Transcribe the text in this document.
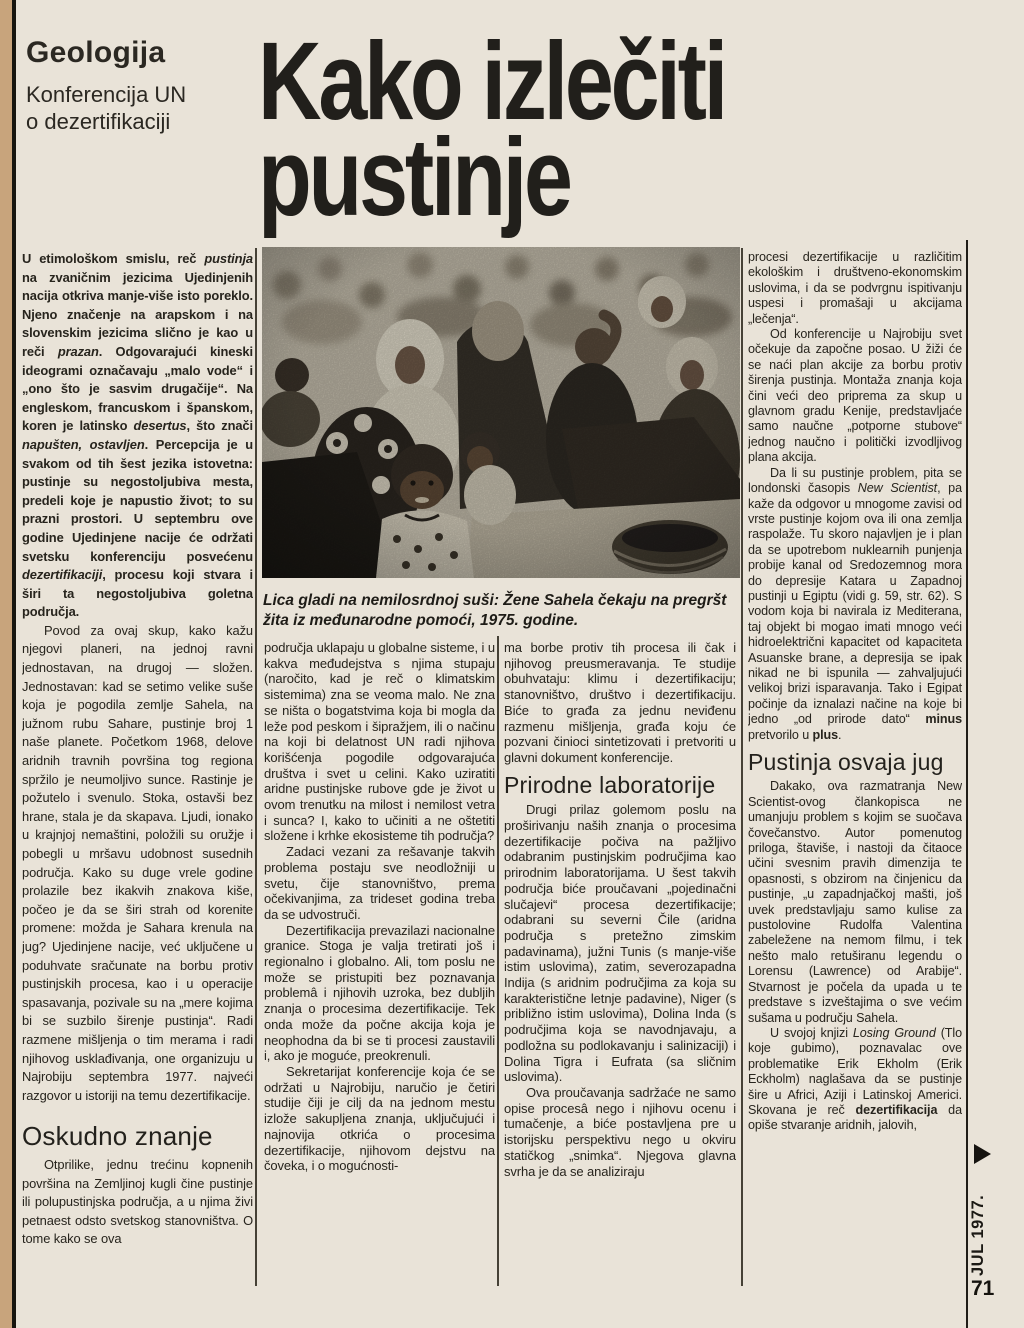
Geologija
Konferencija UN
o dezertifikaciji Kako izlečiti
pustinje
Lica gladi na nemilosrdnoj suši: Žene Sahela čekaju na pregršt žita iz međunarodne pomoći, 1975. godine.

U etimološkom smislu, reč pustinja na zvaničnim jezicima Ujedinjenih nacija otkriva manje-više isto poreklo. Njeno značenje na arapskom i na slovenskim jezicima slično je kao u reči prazan. Odgovarajući kineski ideogrami označavaju „malo vode“ i „ono što je sasvim drugačije“. Na engleskom, francuskom i španskom, koren je latinsko desertus, što znači napušten, ostavljen. Percepcija je u svakom od tih šest jezika istovetna: pustinje su negostoljubiva mesta, predeli koje je napustio život; to su prazni prostori. U septembru ove godine Ujedinjene nacije će održati svetsku konferenciju posvećenu dezertifikaciji, procesu koji stvara i širi ta negostoljubiva goletna područja.

Povod za ovaj skup, kako kažu njegovi planeri, na jednoj ravni jednostavan, na drugoj — složen. Jednostavan: kad se setimo velike suše koja je pogodila zemlje Sahela, na južnom rubu Sahare, pustinje broj 1 naše planete. Početkom 1968, delove aridnih travnih površina tog regiona spržilo je neumoljivo sunce. Rastinje je požutelo i svenulo. Stoka, ostavši bez hrane, stala je da skapava. Ljudi, ionako u krajnjoj nemaštini, položili su oružje i pobegli u mršavu udobnost susednih područja. Kako su duge vrele godine prolazile bez ikakvih znakova kiše, počeo je da se širi strah od korenite promene: možda je Sahara krenula na jug? Ujedinjene nacije, već uključene u poduhvate sračunate na borbu protiv pustinjskih procesa, kao i u operacije spasavanja, pozivale su na „mere kojima bi se suzbilo širenje pustinja“. Radi razmene mišljenja o tim merama i radi njihovog usklađivanja, one organizuju u Najrobiju septembra 1977. najveći razgovor u istoriji na temu dezertifikacije.

Oskudno znanje

Otprilike, jednu trećinu kopnenih površina na Zemljinoj kugli čine pustinje ili polupustinjska područja, a u njima živi petnaest odsto svetskog stanovništva. O tome kako se ova

područja uklapaju u globalne sisteme, i u kakva međudejstva s njima stupaju (naročito, kad je reč o klimatskim sistemima) zna se veoma malo. Ne zna se ništa o bogatstvima koja bi mogla da leže pod peskom i šipražjem, ili o načinu na koji bi delatnost UN radi njihova korišćenja pogodile odgovarajuća društva i svet u celini. Kako uziratiti aridne pustinjske rubove gde je život u ovom trenutku na milost i nemilost vetra i sunca? I, kako to učiniti a ne oštetiti složene i krhke ekosisteme tih područja?

Zadaci vezani za rešavanje takvih problema postaju sve neodložniji u svetu, čije stanovništvo, prema očekivanjima, za trideset godina treba da se udvostruči.

Dezertifikacija prevazilazi nacionalne granice. Stoga je valja tretirati još i regionalno i globalno. Ali, tom poslu ne može se pristupiti bez poznavanja problemâ i njihovih uzroka, bez dubljih znanja o procesima dezertifikacije. Tek onda može da počne akcija koja je neophodna da bi se ti procesi zaustavili i, ako je moguće, preokrenuli.

Sekretarijat konferencije koja će se održati u Najrobiju, naručio je četiri studije čiji je cilj da na jednom mestu izlože sakupljena znanja, uključujući i najnovija otkrića o procesima dezertifikacije, njihovom dejstvu na čoveka, i o mogućnosti-

ma borbe protiv tih procesa ili čak i njihovog preusmeravanja. Te studije obuhvataju: klimu i dezertifikaciju; stanovništvo, društvo i dezertifikaciju. Biće to građa za jednu neviđenu razmenu mišljenja, građa koju će pozvani činioci sintetizovati i pretvoriti u glavni dokument konferencije.

Prirodne laboratorije

Drugi prilaz golemom poslu na proširivanju naših znanja o procesima dezertifikacije počiva na pažljivo odabranim pustinjskim područjima kao prirodnim laboratorijama. U šest takvih područja biće proučavani „pojedinačni slučajevi“ procesa dezertifikacije; odabrani su severni Čile (aridna područja s pretežno zimskim padavinama), južni Tunis (s manje-više istim uslovima), zatim, severozapadna Indija (s aridnim područjima za koja su karakteristične letnje padavine), Niger (s približno istim uslovima), Dolina Inda (s područjima koja se navodnjavaju, a podložna su podlokavanju i salinizaciji) i Dolina Tigra i Eufrata (sa sličnim uslovima).

Ova proučavanja sadržaće ne samo opise procesâ nego i njihovu ocenu i tumačenje, a biće postavljena pre u istorijsku perspektivu nego u okviru statičkog „snimka“. Njegova glavna svrha je da se analiziraju

procesi dezertifikacije u različitim ekološkim i društveno-ekonomskim uslovima, i da se podvrgnu ispitivanju uspesi i promašaji u akcijama „lečenja“.

Od konferencije u Najrobiju svet očekuje da započne posao. U žiži će se naći plan akcije za borbu protiv širenja pustinja. Montaža znanja koja čini veći deo priprema za skup u glavnom gradu Kenije, predstavljaće samo naučne „potporne stubove“ jednog naučno i politički izvodljivog plana akcija.

Da li su pustinje problem, pita se londonski časopis New Scientist, pa kaže da odgovor u mnogome zavisi od vrste pustinje kojom ova ili ona zemlja raspolaže. Tu skoro najavljen je i plan da se upotrebom nuklearnih punjenja probije kanal od Sredozemnog mora do depresije Katara u Zapadnoj pustinji u Egiptu (vidi g. 59, str. 62). S vodom koja bi navirala iz Mediterana, taj objekt bi mogao imati mnogo veći hidroelektrični kapacitet od kapaciteta Asuanske brane, a depresija se ipak nikad ne bi ispunila — zahvaljujući velikoj brizi isparavanja. Tako i Egipat počinje da iznalazi načine na koje bi jedno „od prirode dato“ minus pretvorilo u plus.

Pustinja osvaja jug

Dakako, ova razmatranja New Scientist-ovog člankopisca ne umanjuju problem s kojim se suočava čovečanstvo. Autor pomenutog priloga, štaviše, i nastoji da čitaoce učini svesnim pravih dimenzija te opasnosti, s obzirom na činjenicu da pustinje, „u zapadnjačkoj mašti, još uvek predstavljaju samo kulise za pustolovine Rudolfa Valentina zabeležene na nemom filmu, i tek nešto malo retuširanu legendu o Lorensu (Lawrence) od Arabije“. Stvarnost je počela da upada u te predstave s izveštajima o sve većim sušama u području Sahela.

U svojoj knjizi Losing Ground (Tlo koje gubimo), poznavalac ove problematike Erik Ekholm (Erik Eckholm) naglašava da se pustinje šire u Africi, Aziji i Latinskoj Americi. Skovana je reč dezertifikacija da opiše stvaranje aridnih, jalovih,

JUL 1977.
71
